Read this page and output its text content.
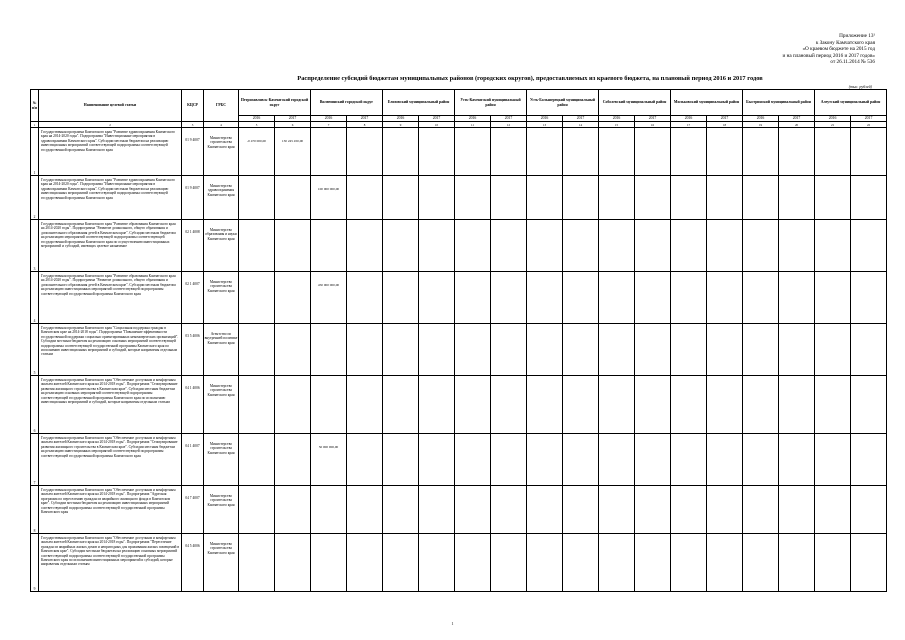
Приложение 13¹
к Закону Камчатского края
«О краевом бюджете на 2015 год
и на плановый период 2016 и 2017 годов»
от 26.11.2014 № 536
Распределение субсидий бюджетам муниципальных районов (городских округов), предоставляемых из краевого бюджета, на плановый период 2016 и 2017 годов
(тыс. рублей)
№ п/п	Наименование целевой статьи	КЦСР	ГРБС	Петропавловск-Камчатский городской округ		Вилючинский городской округ		Елизовский муниципальный район		Усть-Камчатский муниципальный район		Усть-Большерецкий муниципальный район		Соболевский муниципальный район		Мильковский муниципальный район		Быстринский муниципальный район		Алеутский муниципальный район	
				2016	2017	2016	2017	2016	2017	2016	2017	2016	2017	2016	2017	2016	2017	2016	2017	2016	2017
1	2	3	4	5	6	7	8	9	10	11	12	13	14	15	16	17	18	19	20	21	22
1	Государственная программа Камчатского края "Развитие здравоохранения Камчатского края на 2014-2020 годы". Подпрограмма "Инвестиционные мероприятия в здравоохранении Камчатского края". Субсидии местным бюджетам на реализацию инвестиционных мероприятий соответствующей подпрограммы соответствующей государственной программы Камчатского края	01 9 4007	Министерство строительства Камчатского края	-0 470 000,00	130 245 450,00																
2	Государственная программа Камчатского края "Развитие здравоохранения Камчатского края на 2014-2020 годы". Подпрограмма "Инвестиционные мероприятия в здравоохранении Камчатского края". Субсидии местным бюджетам на реализацию инвестиционных мероприятий соответствующей подпрограммы соответствующей государственной программы Камчатского края	01 9 4007	Министерство здравоохранения Камчатского края			100 000 000,00															
3	Государственная программа Камчатского края "Развитие образования Камчатского края на 2014-2020 годы". Подпрограмма "Развитие дошкольного, общего образования и дополнительного образования детей в Камчатском крае". Субсидии местным бюджетам на реализацию мероприятий соответствующей подпрограммы соответствующей государственной программы Камчатского края по осуществлению инвестиционных мероприятий и субсидий, имеющих целевое назначение	02 1 4008	Министерство образования и науки Камчатского края																		
4	Государственная программа Камчатского края "Развитие образования Камчатского края на 2014-2020 годы". Подпрограмма "Развитие дошкольного, общего образования и дополнительного образования детей в Камчатском крае". Субсидии местным бюджетам на реализацию инвестиционных мероприятий соответствующей подпрограммы соответствующей государственной программы Камчатского края	02 1 4007	Министерство строительства Камчатского края			450 000 000,00															
5	Государственная программа Камчатского края "Социальная поддержка граждан в Камчатском крае на 2014-2018 годы". Подпрограмма "Повышение эффективности государственной поддержки социально ориентированных некоммерческих организаций". Субсидии местным бюджетам на реализацию основных мероприятий соответствующей подпрограммы соответствующей государственной программы Камчатского края по исполнению инвестиционных мероприятий и субсидий, которые направлены отдельным статьям	03 5 4006	Агентство по внутренней политике Камчатского края																		
6	Государственная программа Камчатского края "Обеспечение доступным и комфортным жильем жителей Камчатского края на 2014-2018 годы". Подпрограмма "Стимулирование развития жилищного строительства в Камчатском крае". Субсидии местным бюджетам на реализацию основных мероприятий соответствующей подпрограммы соответствующей государственной программы Камчатского края по исполнению инвестиционных мероприятий и субсидий, которые направлены отдельным статьям	04 1 4006	Министерство строительства Камчатского края																		
7	Государственная программа Камчатского края "Обеспечение доступным и комфортным жильем жителей Камчатского края на 2014-2018 годы". Подпрограмма "Стимулирование развития жилищного строительства в Камчатском крае". Субсидии местным бюджетам на реализацию инвестиционных мероприятий соответствующей подпрограммы соответствующей государственной программы Камчатского края	04 1 4007	Министерство строительства Камчатского края			50 000 000,00															
8	Государственная программа Камчатского края "Обеспечение доступным и комфортным жильем жителей Камчатского края на 2014-2018 годы". Подпрограмма "Адресная программа по переселению граждан из аварийного жилищного фонда в Камчатском крае". Субсидии местным бюджетам на реализацию инвестиционных мероприятий соответствующей подпрограммы соответствующей государственной программы Камчатского края	04 7 4007	Министерство строительства Камчатского края																		
9	Государственная программа Камчатского края "Обеспечение доступным и комфортным жильем жителей Камчатского края на 2014-2018 годы". Подпрограмма "Переселение граждан из аварийных жилых домов и непригодных для проживания жилых помещений в Камчатском крае". Субсидии местным бюджетам на реализацию основных мероприятий соответствующей подпрограммы соответствующей государственной программы Камчатского края по исполнению инвестиционных мероприятий и субсидий, которые направлены отдельным статьям	04 5 4006	Министерство строительства Камчатского края																		
1
